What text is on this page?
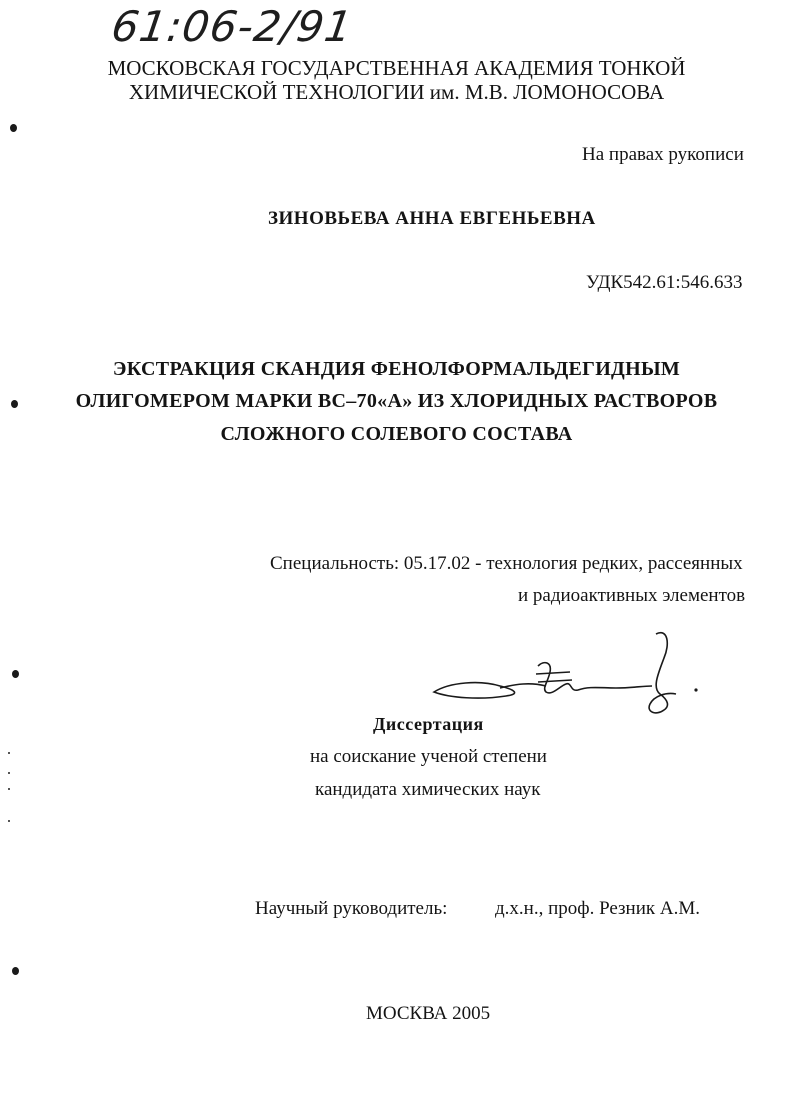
61:06-2/91
МОСКОВСКАЯ ГОСУДАРСТВЕННАЯ АКАДЕМИЯ ТОНКОЙ
ХИМИЧЕСКОЙ ТЕХНОЛОГИИ им. М.В. ЛОМОНОСОВА
На правах рукописи
ЗИНОВЬЕВА АННА ЕВГЕНЬЕВНА
УДК542.61:546.633
ЭКСТРАКЦИЯ СКАНДИЯ ФЕНОЛФОРМАЛЬДЕГИДНЫМ
ОЛИГОМЕРОМ МАРКИ ВС–70«А» ИЗ ХЛОРИДНЫХ РАСТВОРОВ
СЛОЖНОГО СОЛЕВОГО СОСТАВА
Специальность: 05.17.02 - технология редких, рассеянных
и радиоактивных элементов
Диссертация
на соискание ученой степени
кандидата химических наук
Научный руководитель:	д.х.н., проф. Резник А.М.
МОСКВА 2005
